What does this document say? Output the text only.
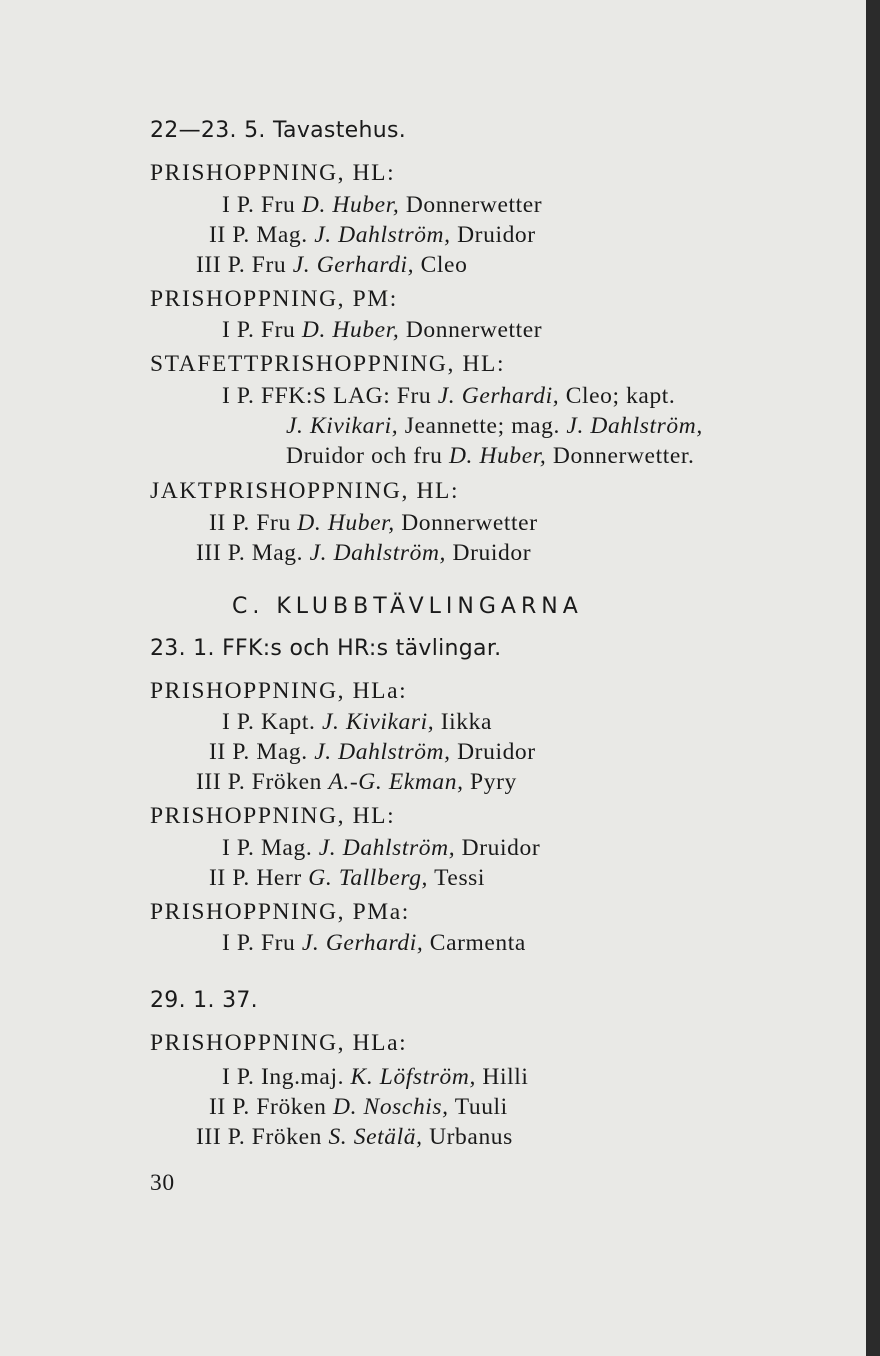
22—23. 5. Tavastehus.
PRISHOPPNING, HL:
I P. Fru D. Huber, Donnerwetter
II P. Mag. J. Dahlström, Druidor
III P. Fru J. Gerhardi, Cleo
PRISHOPPNING, PM:
I P. Fru D. Huber, Donnerwetter
STAFETTPRISHOPPNING, HL:
I P. FFK:S LAG: Fru J. Gerhardi, Cleo; kapt.
J. Kivikari, Jeannette; mag. J. Dahlström,
Druidor och fru D. Huber, Donnerwetter.
JAKTPRISHOPPNING, HL:
II P. Fru D. Huber, Donnerwetter
III P. Mag. J. Dahlström, Druidor
C. KLUBBTÄVLINGARNA
23. 1. FFK:s och HR:s tävlingar.
PRISHOPPNING, HLa:
I P. Kapt. J. Kivikari, Iikka
II P. Mag. J. Dahlström, Druidor
III P. Fröken A.-G. Ekman, Pyry
PRISHOPPNING, HL:
I P. Mag. J. Dahlström, Druidor
II P. Herr G. Tallberg, Tessi
PRISHOPPNING, PMa:
I P. Fru J. Gerhardi, Carmenta
29. 1. 37.
PRISHOPPNING, HLa:
I P. Ing.maj. K. Löfström, Hilli
II P. Fröken D. Noschis, Tuuli
III P. Fröken S. Setälä, Urbanus
30
